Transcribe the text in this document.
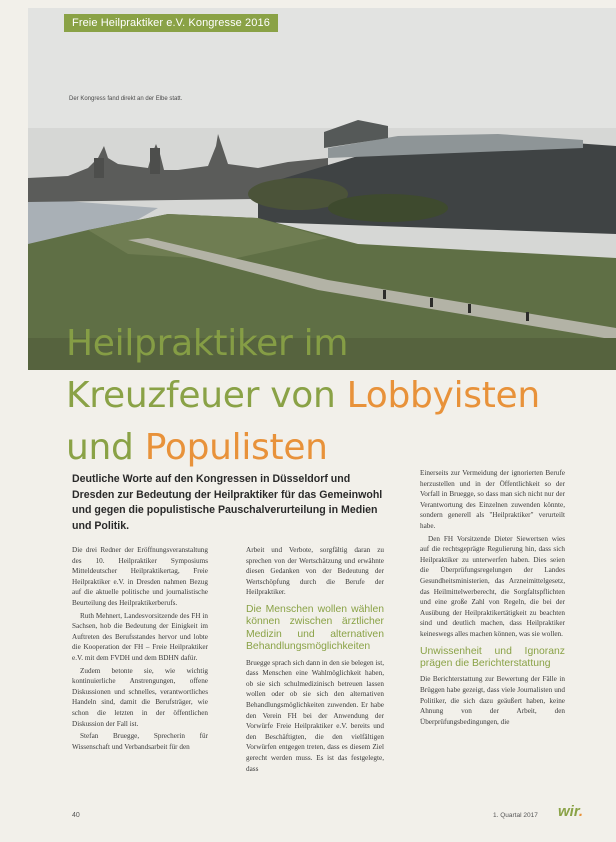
Freie Heilpraktiker e.V. Kongresse 2016
Der Kongress fand direkt an der Elbe statt.
Heilpraktiker im
Kreuzfeuer von Lobbyisten
und Populisten

Deutliche Worte auf den Kongressen in Düsseldorf und Dresden zur Bedeutung der Heilpraktiker für das Gemeinwohl und gegen die populistische Pauschalverurteilung in Medien und Politik.

Die drei Redner der Eröffnungsveranstaltung des 10. Heilpraktiker Symposiums Mitteldeutscher Heilpraktikertag, Freie Heilpraktiker e.V. in Dresden nahmen Bezug auf die aktuelle politische und journalistische Beurteilung des Heilpraktikerberufs.

Ruth Mehnert, Landesvorsitzende des FH in Sachsen, hob die Bedeutung der Einigkeit im Auftreten des Berufsstandes hervor und lobte die Kooperation der FH – Freie Heilpraktiker e.V. mit dem FVDH und dem BDHN dafür.

Zudem betonte sie, wie wichtig kontinuierliche Anstrengungen, offene Diskussionen und schnelles, verantwortliches Handeln sind, damit die Berufsträger, wie schon die letzten in der öffentlichen Diskussion der Fall ist.

Stefan Bruegge, Sprecherin für Wissenschaft und Verbandsarbeit für den

Arbeit und Verbote, sorgfältig daran zu sprechen von der Wertschätzung und erwähnte diesen Gedanken von der Bedeutung der Wertschöpfung durch die Berufe der Heilpraktiker.

Die Menschen wollen wählen können zwischen ärztlicher Medizin und alternativen Behandlungsmöglichkeiten

Bruegge sprach sich dann in den sie belegen ist, dass Menschen eine Wahlmöglichkeit haben, ob sie sich schulmedizinisch betreuen lassen wollen oder ob sie sich den alternativen Behandlungsmöglichkeiten zuwenden. Er habe den Verein FH bei der Anwendung der Vorwürfe Freie Heilpraktiker e.V. bereits und den Beschäftigten, die den vielfältigen Vorwürfen entgegen treten, dass es diesem Ziel gerecht werden muss. Es ist das festgelegte, dass

Einerseits zur Vermeidung der ignorierten Berufe herzustellen und in der Öffentlichkeit so der Vorfall in Bruegge, so dass man sich nicht nur der Verantwortung des Einzelnen zuwenden könnte, sondern generell als "Heilpraktiker" verurteilt habe.

Den FH Vorsitzende Dieter Siewertsen wies auf die rechtsgeprägte Regulierung hin, dass sich Heilpraktiker zu unterwerfen haben. Dies seien die Überprüfungsregelungen der Landes Gesundheitsministerien, das Arzneimittelgesetz, das Heilmittelwerberecht, die Sorgfaltspflichten und eine große Zahl von Regeln, die bei der Ausübung der Heilpraktikertätigkeit zu beachten sind und deutlich machen, dass Heilpraktiker keineswegs alles machen können, was sie wollen.

Unwissenheit und Ignoranz prägen die Berichterstattung

Die Berichterstattung zur Bewertung der Fälle in Brüggen habe gezeigt, dass viele Journalisten und Politiker, die sich dazu geäußert haben, keine Ahnung von der Arbeit, den Überprüfungsbedingungen, die

40	1. Quartal 2017 wir.
